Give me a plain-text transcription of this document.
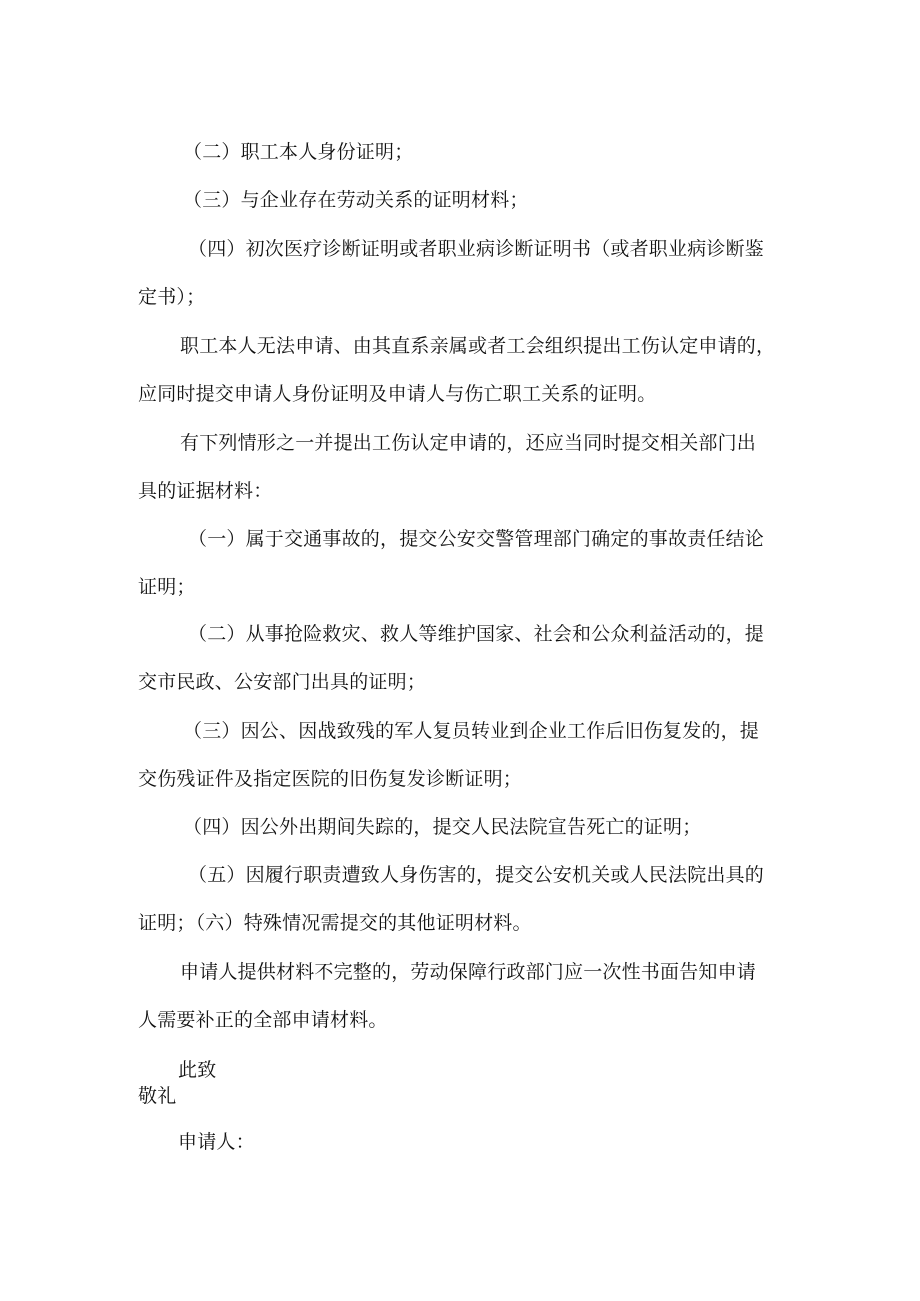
（二）职工本人身份证明；
（三）与企业存在劳动关系的证明材料；
（四）初次医疗诊断证明或者职业病诊断证明书（或者职业病诊断鉴
定书）；
职工本人无法申请、由其直系亲属或者工会组织提出工伤认定申请的，
应同时提交申请人身份证明及申请人与伤亡职工关系的证明。
有下列情形之一并提出工伤认定申请的，还应当同时提交相关部门出
具的证据材料：
（一）属于交通事故的，提交公安交警管理部门确定的事故责任结论
证明；
（二）从事抢险救灾、救人等维护国家、社会和公众利益活动的，提
交市民政、公安部门出具的证明；
（三）因公、因战致残的军人复员转业到企业工作后旧伤复发的，提
交伤残证件及指定医院的旧伤复发诊断证明；
（四）因公外出期间失踪的，提交人民法院宣告死亡的证明；
（五）因履行职责遭致人身伤害的，提交公安机关或人民法院出具的
证明；（六）特殊情况需提交的其他证明材料。
申请人提供材料不完整的，劳动保障行政部门应一次性书面告知申请
人需要补正的全部申请材料。
此致
敬礼
申请人：
